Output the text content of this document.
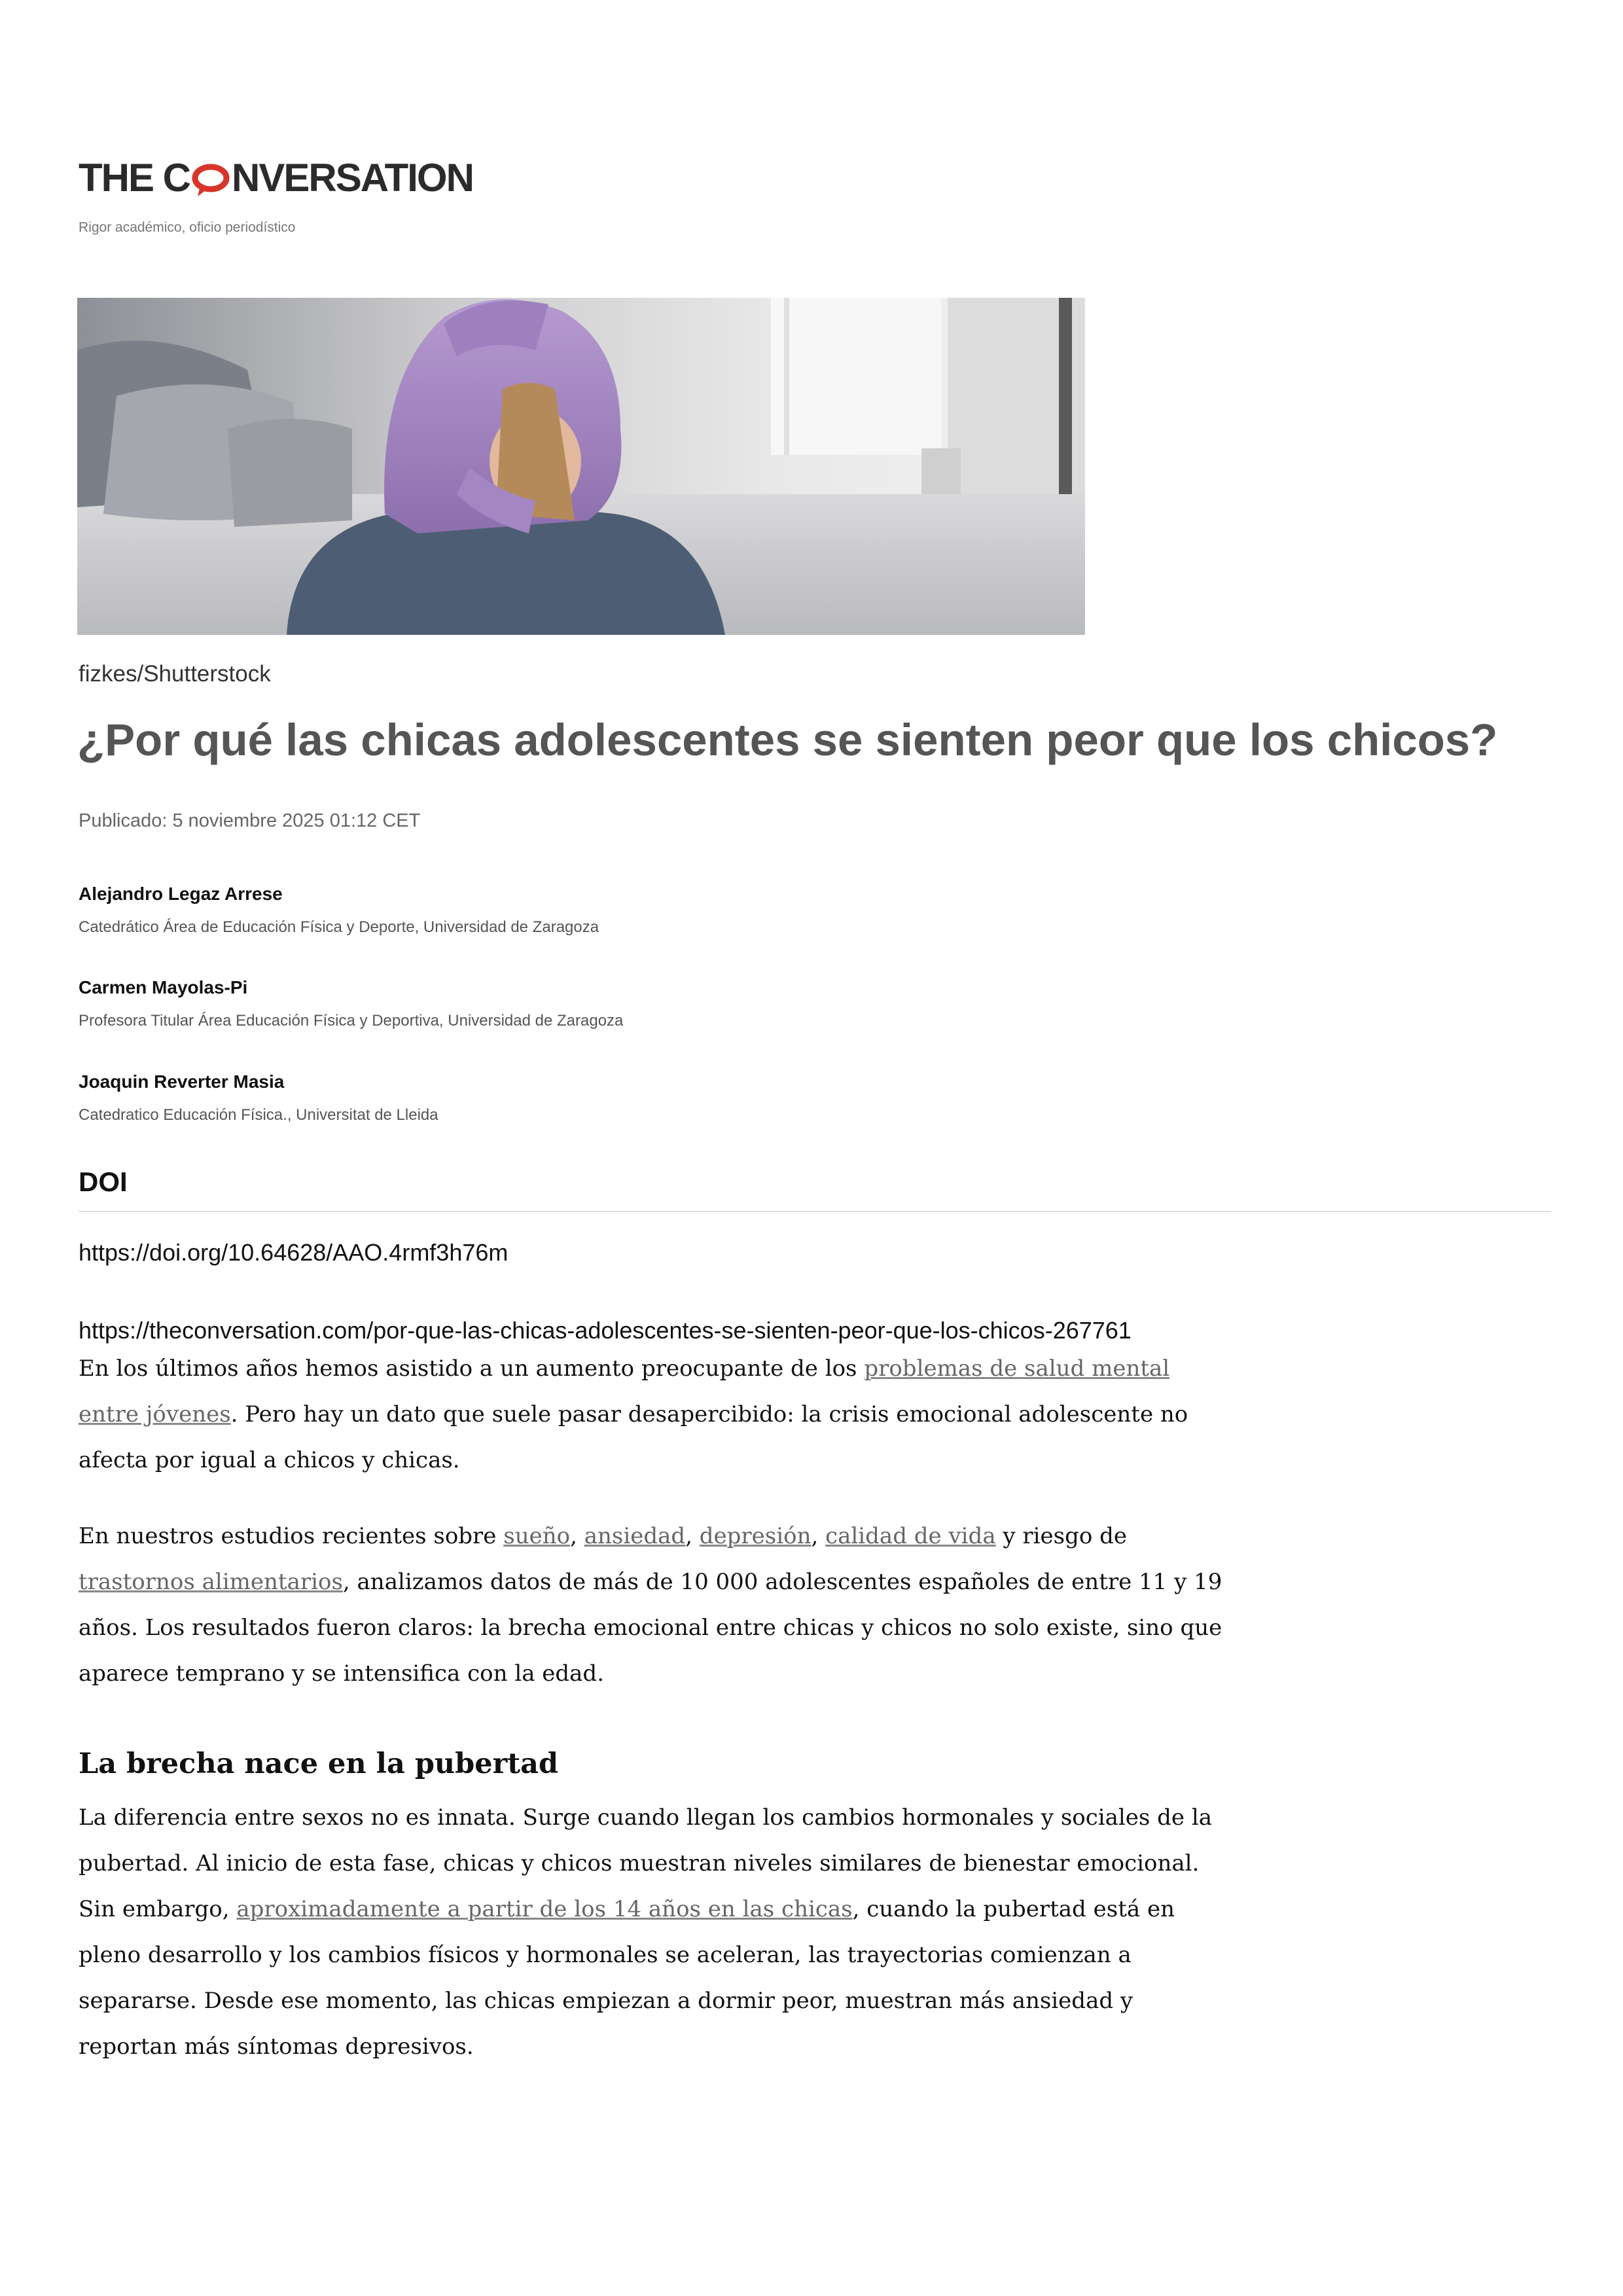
THE C NVERSATION
Rigor académico, oficio periodístico
fizkes/Shutterstock
¿Por qué las chicas adolescentes se sienten peor que los chicos?
Publicado: 5 noviembre 2025 01:12 CET
Alejandro Legaz Arrese
Catedrático Área de Educación Física y Deporte, Universidad de Zaragoza
Carmen Mayolas-Pi
Profesora Titular Área Educación Física y Deportiva, Universidad de Zaragoza
Joaquin Reverter Masia
Catedratico Educación Física., Universitat de Lleida
DOI
https://doi.org/10.64628/AAO.4rmf3h76m
https://theconversation.com/por-que-las-chicas-adolescentes-se-sienten-peor-que-los-chicos-267761

En los últimos años hemos asistido a un aumento preocupante de los problemas de salud mental entre jóvenes. Pero hay un dato que suele pasar desapercibido: la crisis emocional adolescente no afecta por igual a chicos y chicas.

En nuestros estudios recientes sobre sueño, ansiedad, depresión, calidad de vida y riesgo de trastornos alimentarios, analizamos datos de más de 10 000 adolescentes españoles de entre 11 y 19 años. Los resultados fueron claros: la brecha emocional entre chicas y chicos no solo existe, sino que aparece temprano y se intensifica con la edad.

La brecha nace en la pubertad

La diferencia entre sexos no es innata. Surge cuando llegan los cambios hormonales y sociales de la pubertad. Al inicio de esta fase, chicas y chicos muestran niveles similares de bienestar emocional. Sin embargo, aproximadamente a partir de los 14 años en las chicas, cuando la pubertad está en pleno desarrollo y los cambios físicos y hormonales se aceleran, las trayectorias comienzan a separarse. Desde ese momento, las chicas empiezan a dormir peor, muestran más ansiedad y reportan más síntomas depresivos.
